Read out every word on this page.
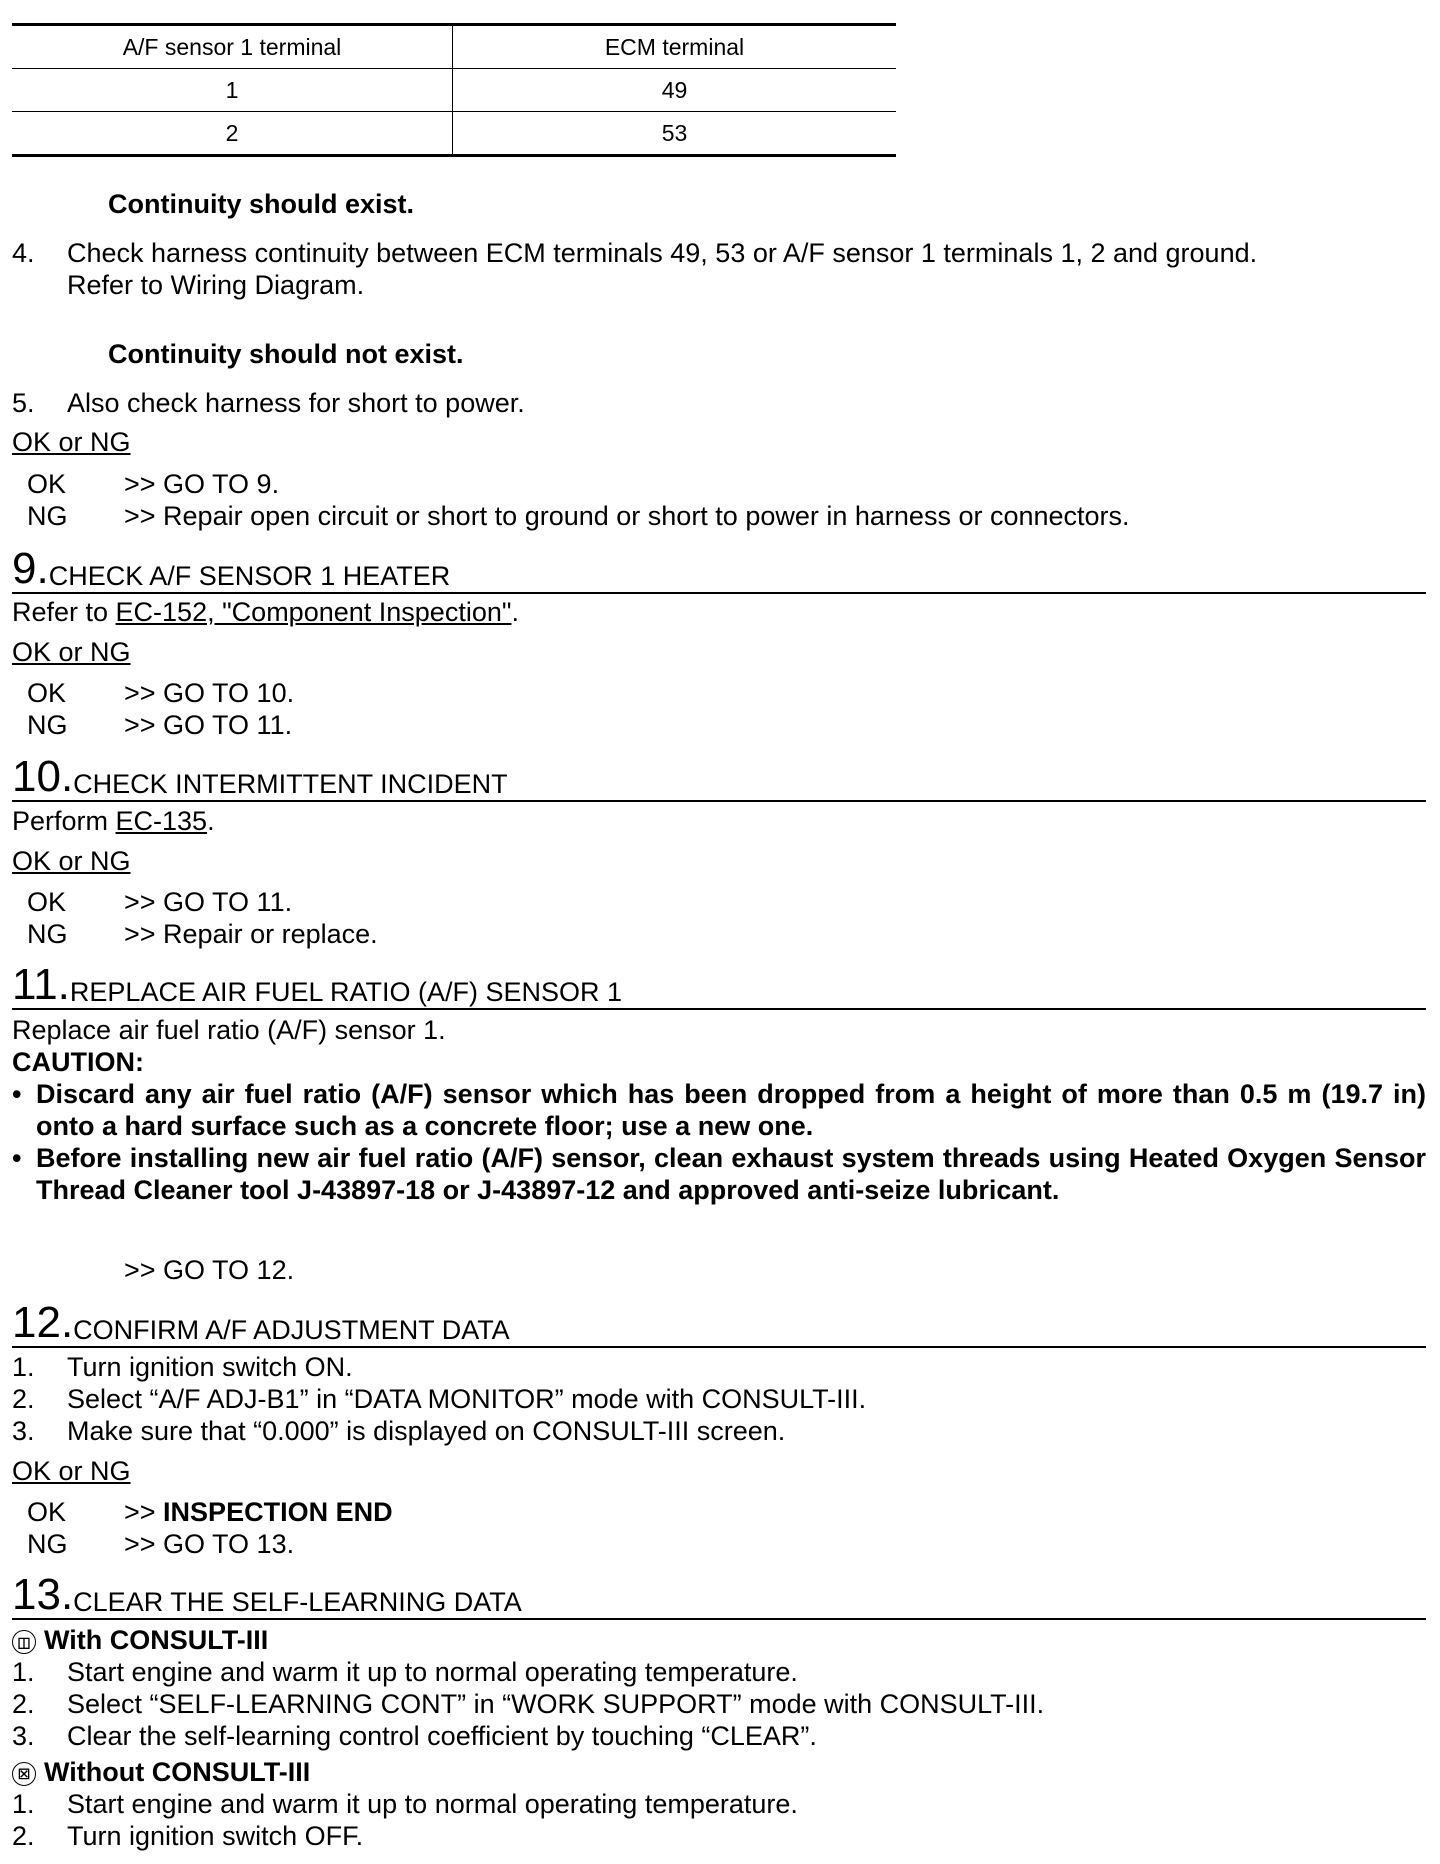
A/F sensor 1 terminal	ECM terminal
1	49
2	53
Continuity should exist.
4. Check harness continuity between ECM terminals 49, 53 or A/F sensor 1 terminals 1, 2 and ground.
Refer to Wiring Diagram.
Continuity should not exist.
5. Also check harness for short to power.
OK or NG
OK >> GO TO 9.
NG >> Repair open circuit or short to ground or short to power in harness or connectors.
9.CHECK A/F SENSOR 1 HEATER
Refer to EC-152, "Component Inspection".
OK or NG
OK >> GO TO 10.
NG >> GO TO 11.
10.CHECK INTERMITTENT INCIDENT
Perform EC-135.
OK or NG
OK >> GO TO 11.
NG >> Repair or replace.
11.REPLACE AIR FUEL RATIO (A/F) SENSOR 1
Replace air fuel ratio (A/F) sensor 1.
CAUTION:
• Discard any air fuel ratio (A/F) sensor which has been dropped from a height of more than 0.5 m (19.7 in) onto a hard surface such as a concrete floor; use a new one.
• Before installing new air fuel ratio (A/F) sensor, clean exhaust system threads using Heated Oxygen Sensor Thread Cleaner tool J-43897-18 or J-43897-12 and approved anti-seize lubricant.
>> GO TO 12.
12.CONFIRM A/F ADJUSTMENT DATA
1. Turn ignition switch ON.
2. Select “A/F ADJ-B1” in “DATA MONITOR” mode with CONSULT-III.
3. Make sure that “0.000” is displayed on CONSULT-III screen.
OK or NG
OK >> INSPECTION END
NG >> GO TO 13.
13.CLEAR THE SELF-LEARNING DATA
◫ With CONSULT-III
1. Start engine and warm it up to normal operating temperature.
2. Select “SELF-LEARNING CONT” in “WORK SUPPORT” mode with CONSULT-III.
3. Clear the self-learning control coefficient by touching “CLEAR”.
☒ Without CONSULT-III
1. Start engine and warm it up to normal operating temperature.
2. Turn ignition switch OFF.
